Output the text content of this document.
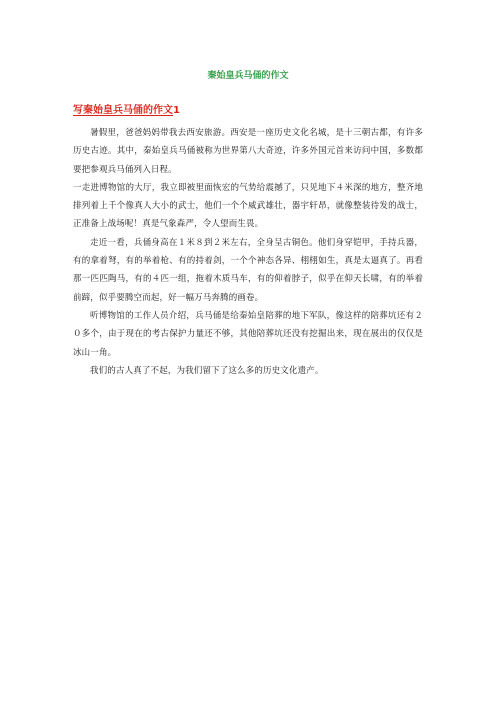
秦始皇兵马俑的作文
写秦始皇兵马俑的作文1

暑假里，爸爸妈妈带我去西安旅游。西安是一座历史文化名城，是十三朝古都，有许多历史古迹。其中，秦始皇兵马俑被称为世界第八大奇迹，许多外国元首来访问中国，多数都要把参观兵马俑列入日程。

一走进博物馆的大厅，我立即被里面恢宏的气势给震撼了，只见地下４米深的地方，整齐地排列着上千个像真人大小的武士，他们一个个威武雄壮，器宇轩昂，就像整装待发的战士，正准备上战场呢！真是气象森严，令人望而生畏。

走近一看，兵俑身高在１米８到２米左右，全身呈古铜色。他们身穿铠甲，手持兵器，有的拿着弩，有的举着枪、有的持着剑，一个个神态各异、栩栩如生，真是太逼真了。再看那一匹匹陶马，有的４匹一组，拖着木质马车，有的仰着脖子，似乎在仰天长啸，有的举着前蹄，似乎要腾空而起，好一幅万马奔腾的画卷。

听博物馆的工作人员介绍，兵马俑是给秦始皇陪葬的地下军队，像这样的陪葬坑还有２０多个，由于现在的考古保护力量还不够，其他陪葬坑还没有挖掘出来，现在展出的仅仅是冰山一角。

我们的古人真了不起，为我们留下了这么多的历史文化遗产。
